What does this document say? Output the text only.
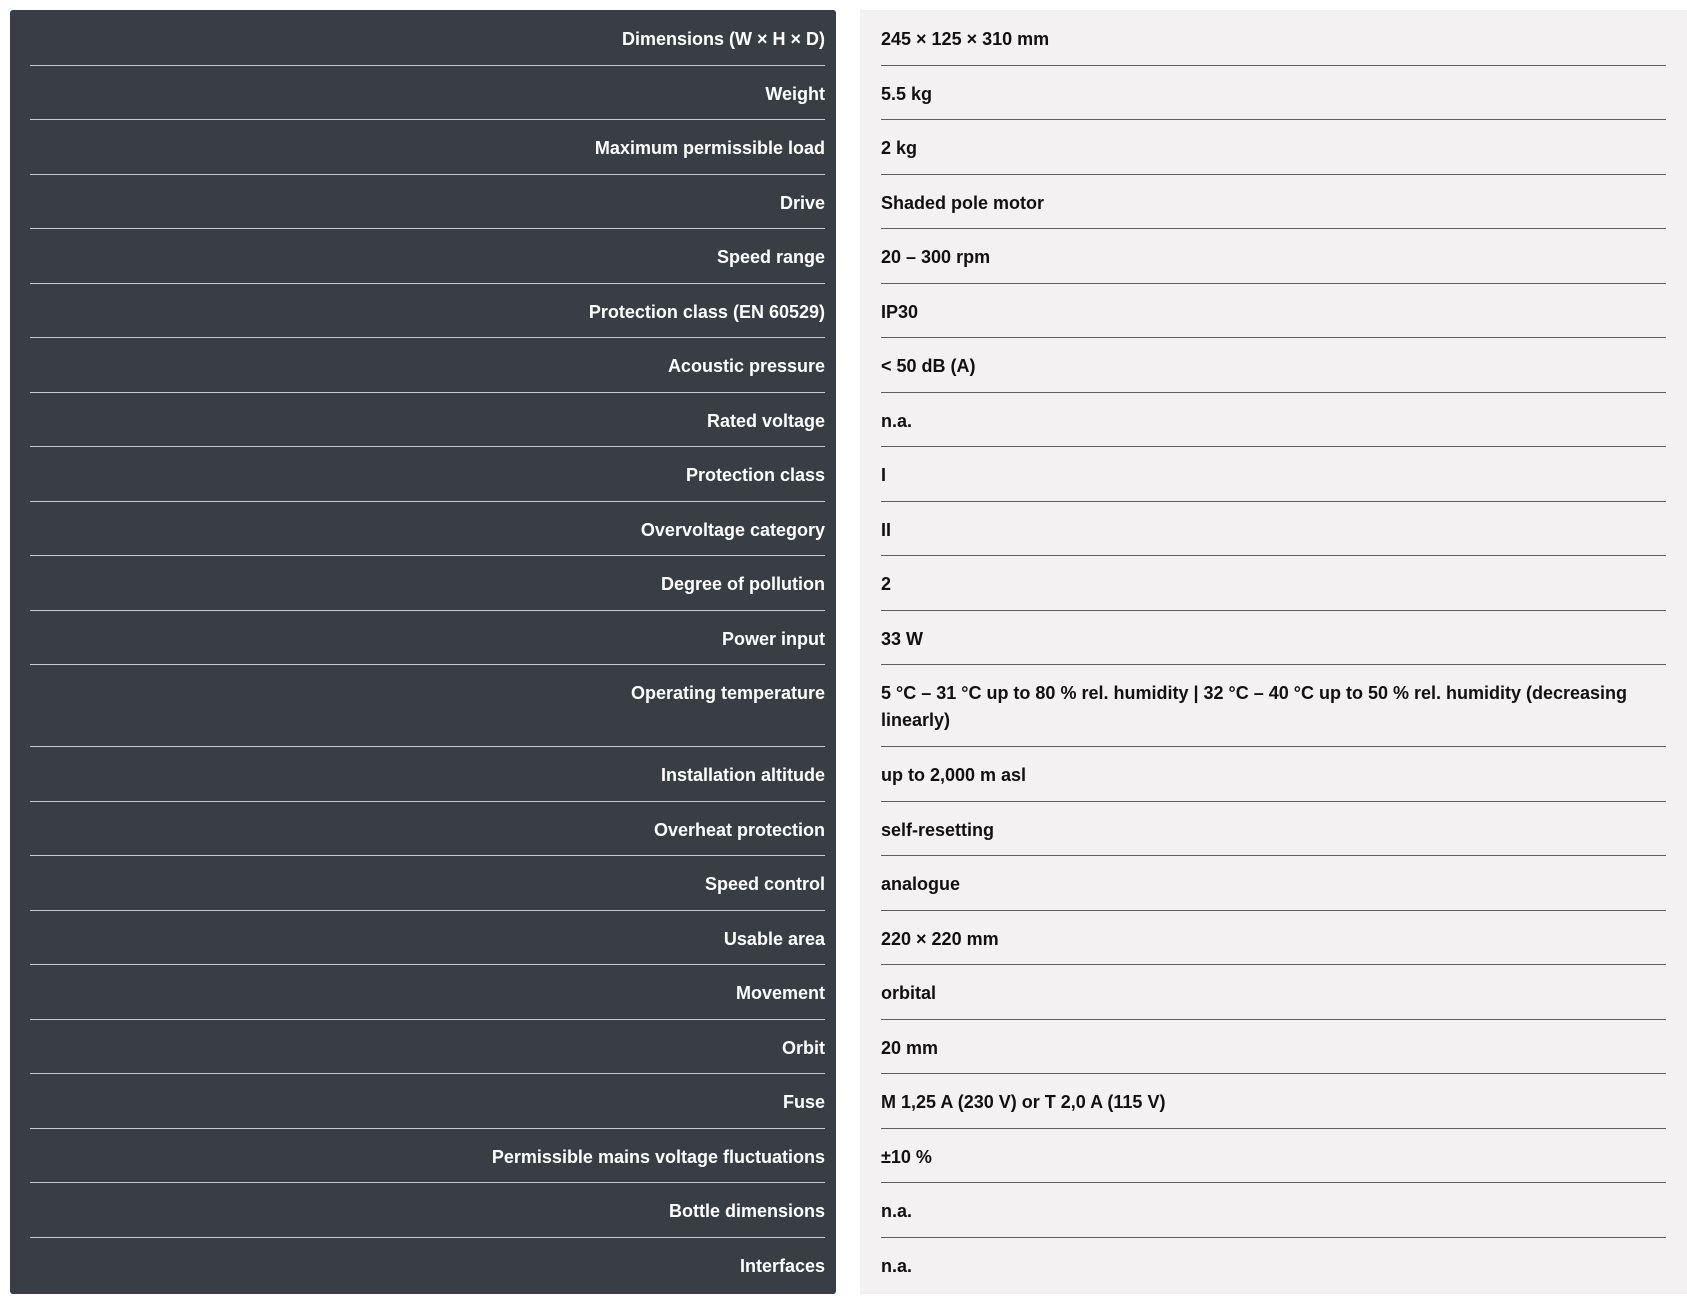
Dimensions (W × H × D)
Weight
Maximum permissible load
Drive
Speed range
Protection class (EN 60529)
Acoustic pressure
Rated voltage
Protection class
Overvoltage category
Degree of pollution
Power input
Operating temperature
Installation altitude
Overheat protection
Speed control
Usable area
Movement
Orbit
Fuse
Permissible mains voltage fluctuations
Bottle dimensions
Interfaces
245 × 125 × 310 mm
5.5 kg
2 kg
Shaded pole motor
20 – 300 rpm
IP30
< 50 dB (A)
n.a.
I
II
2
33 W
5 °C – 31 °C up to 80 % rel. humidity | 32 °C – 40 °C up to 50 % rel. humidity (decreasing linearly)
up to 2,000 m asl
self-resetting
analogue
220 × 220 mm
orbital
20 mm
M 1,25 A (230 V) or T 2,0 A (115 V)
±10 %
n.a.
n.a.
